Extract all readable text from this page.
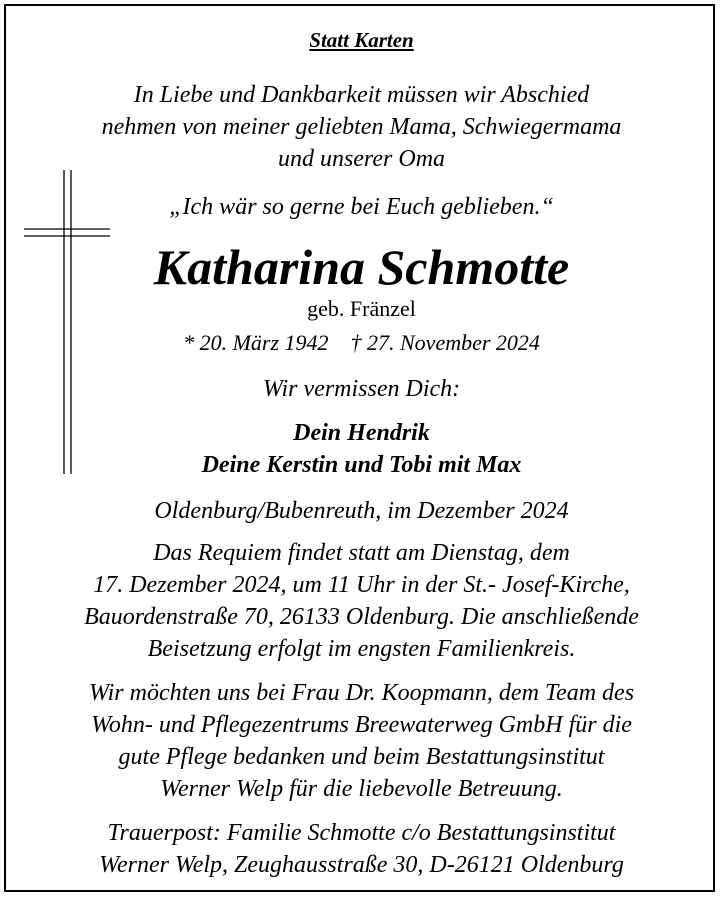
Statt Karten

In Liebe und Dankbarkeit müssen wir Abschied

nehmen von meiner geliebten Mama, Schwiegermama

und unserer Oma

„Ich wär so gerne bei Euch geblieben.“

Katharina Schmotte

geb. Fränzel

* 20. März 1942    † 27. November 2024

Wir vermissen Dich:

Dein Hendrik

Deine Kerstin und Tobi mit Max

Oldenburg/Bubenreuth, im Dezember 2024

Das Requiem findet statt am Dienstag, dem

17. Dezember 2024, um 11 Uhr in der St.- Josef-Kirche,

Bauordenstraße 70, 26133 Oldenburg. Die anschließende

Beisetzung erfolgt im engsten Familienkreis.

Wir möchten uns bei Frau Dr. Koopmann, dem Team des

Wohn- und Pflegezentrums Breewaterweg GmbH für die

gute Pflege bedanken und beim Bestattungsinstitut

Werner Welp für die liebevolle Betreuung.

Trauerpost: Familie Schmotte c/o Bestattungsinstitut

Werner Welp, Zeughausstraße 30, D-26121 Oldenburg
